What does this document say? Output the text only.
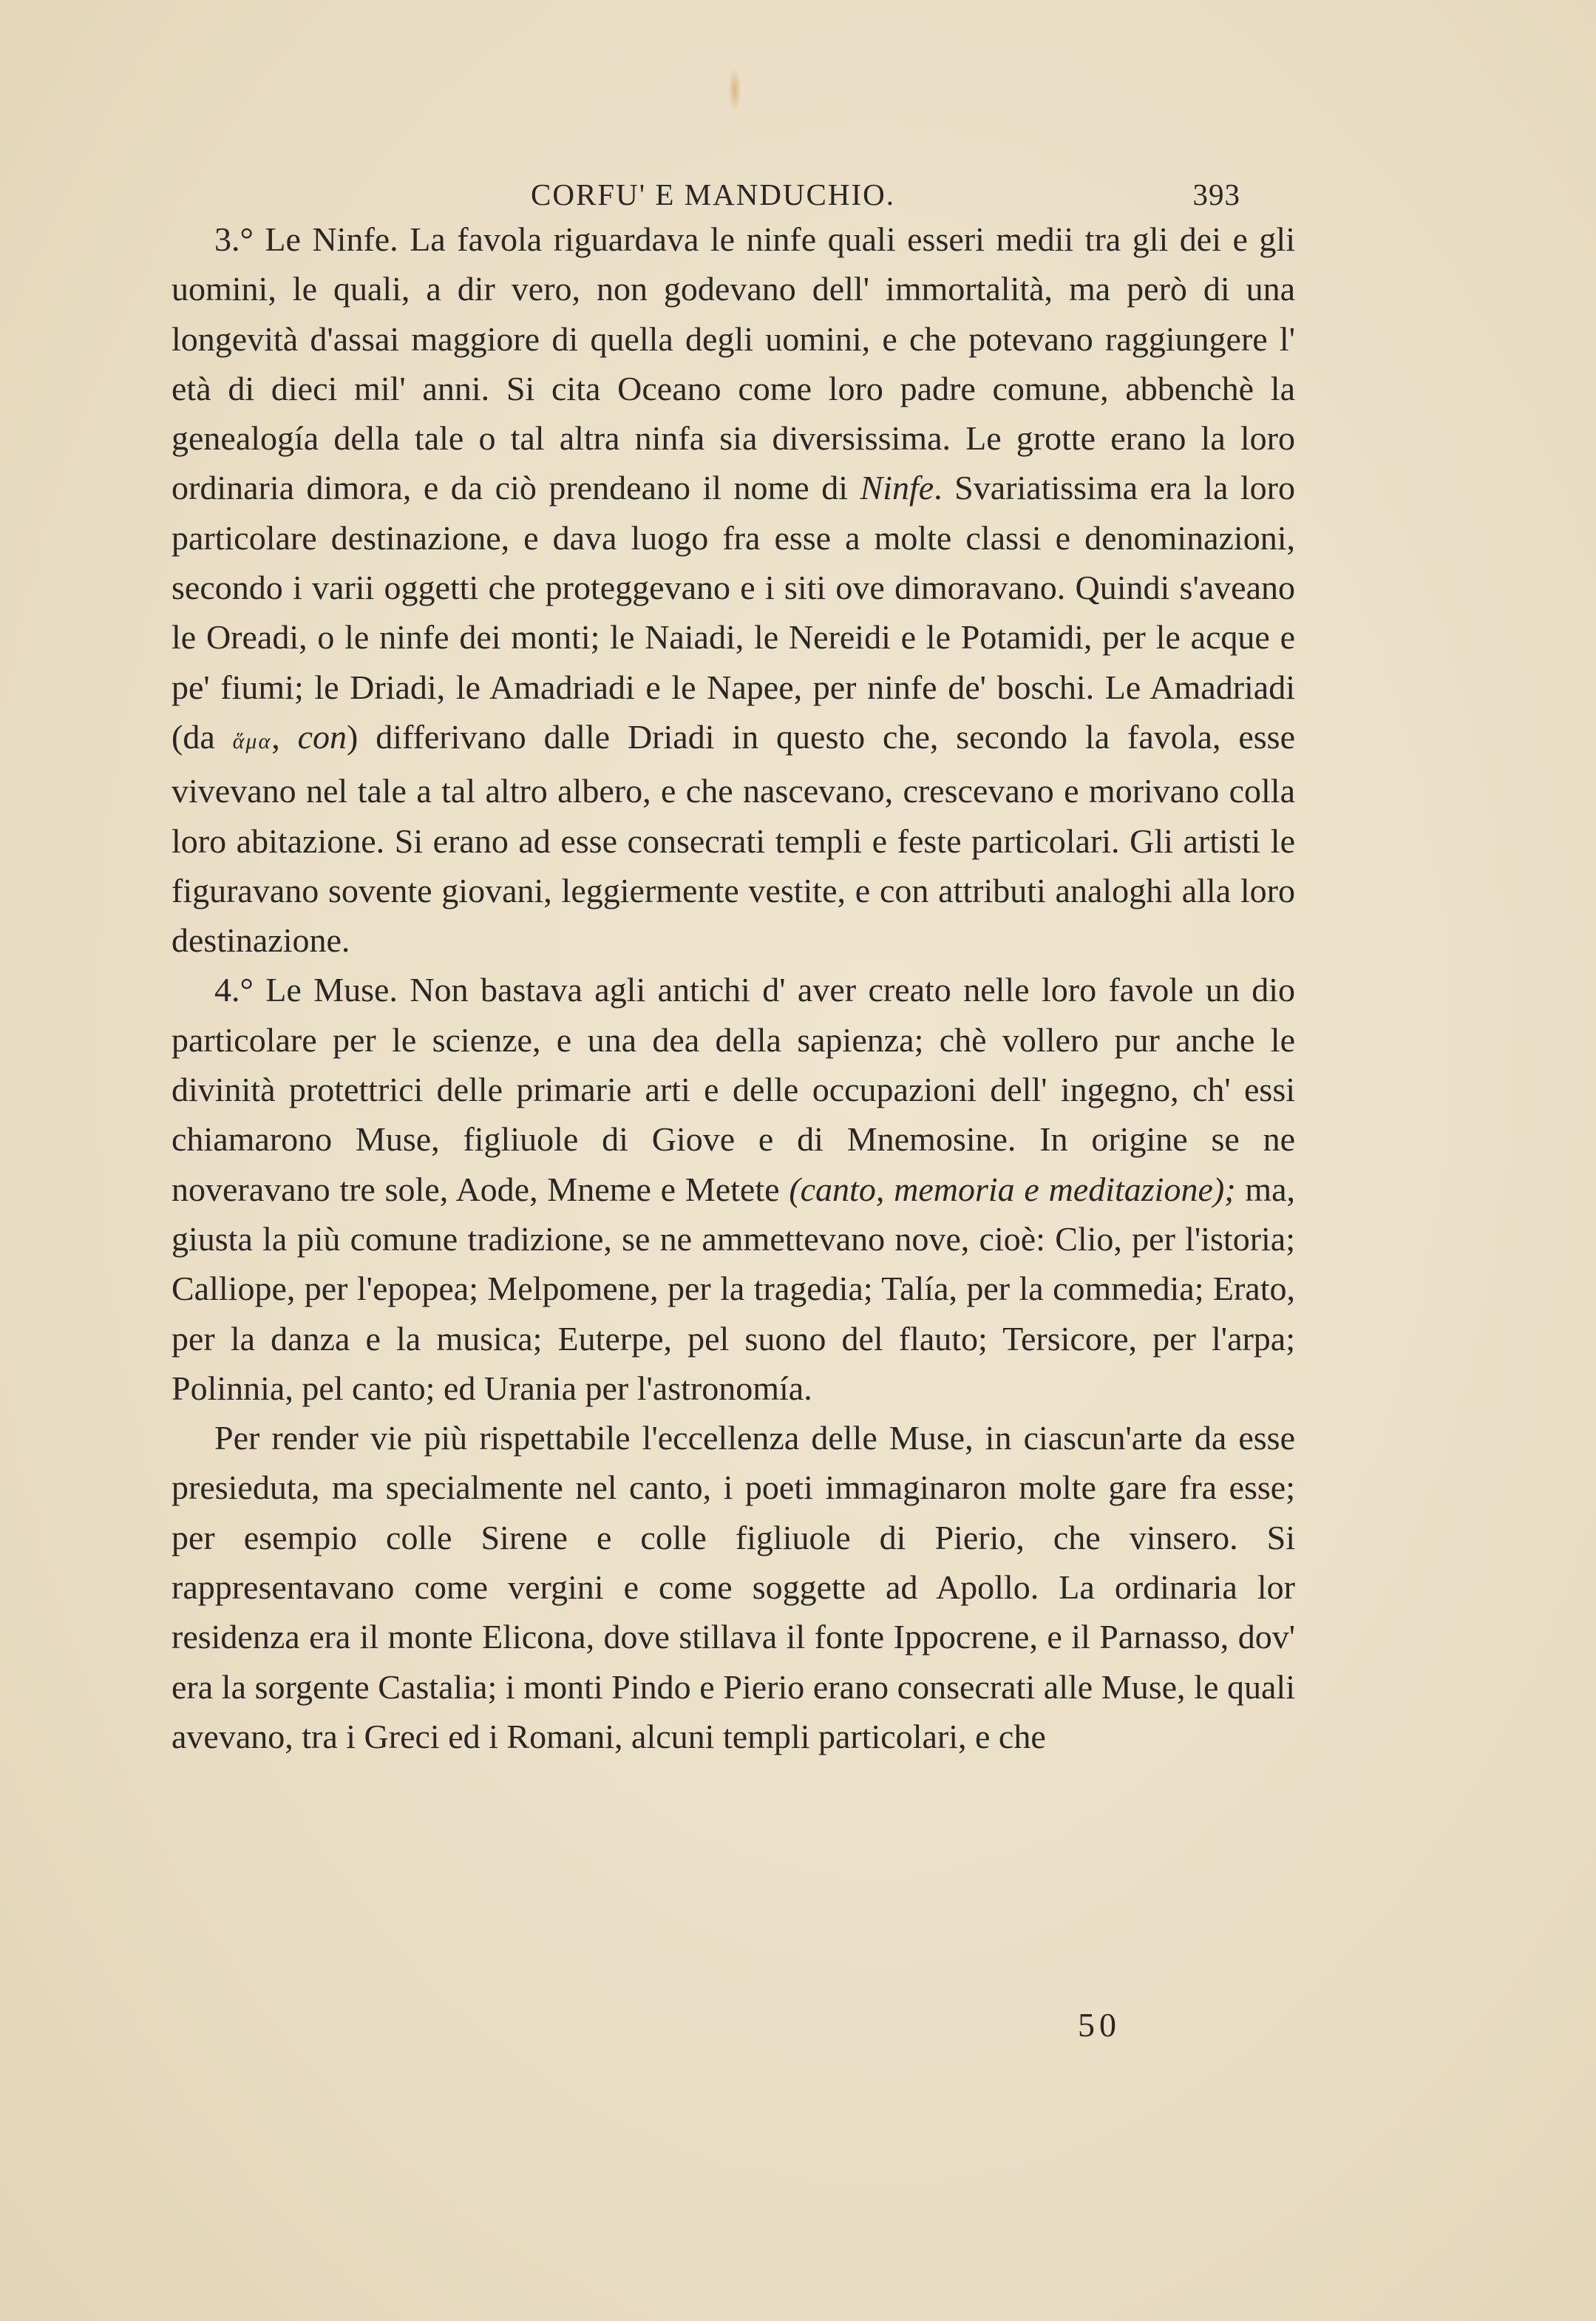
CORFU' E MANDUCHIO.	393

3.° Le Ninfe. La favola riguardava le ninfe quali esseri medii tra gli dei e gli uomini, le quali, a dir vero, non godevano dell' immortalità, ma però di una longevità d'assai maggiore di quella degli uomini, e che potevano raggiungere l' età di dieci mil' anni. Si cita Oceano come loro padre comune, abbenchè la genealogía della tale o tal altra ninfa sia diversissima. Le grotte erano la loro ordinaria dimora, e da ciò prendeano il nome di Ninfe. Svariatissima era la loro particolare destinazione, e dava luogo fra esse a molte classi e denominazioni, secondo i varii oggetti che proteggevano e i siti ove dimoravano. Quindi s'aveano le Oreadi, o le ninfe dei monti; le Naiadi, le Nereidi e le Potamidi, per le acque e pe' fiumi; le Driadi, le Amadriadi e le Napee, per ninfe de' boschi. Le Amadriadi (da ἅμα, con) differivano dalle Driadi in questo che, secondo la favola, esse vivevano nel tale a tal altro albero, e che nascevano, crescevano e morivano colla loro abitazione. Si erano ad esse consecrati templi e feste particolari. Gli artisti le figuravano sovente giovani, leggiermente vestite, e con attributi analoghi alla loro destinazione.

4.° Le Muse. Non bastava agli antichi d' aver creato nelle loro favole un dio particolare per le scienze, e una dea della sapienza; chè vollero pur anche le divinità protettrici delle primarie arti e delle occupazioni dell' ingegno, ch' essi chiamarono Muse, figliuole di Giove e di Mnemosine. In origine se ne noveravano tre sole, Aode, Mneme e Metete (canto, memoria e meditazione); ma, giusta la più comune tradizione, se ne ammettevano nove, cioè: Clio, per l'istoria; Calliope, per l'epopea; Melpomene, per la tragedia; Talía, per la commedia; Erato, per la danza e la musica; Euterpe, pel suono del flauto; Tersicore, per l'arpa; Polinnia, pel canto; ed Urania per l'astronomía.

Per render vie più rispettabile l'eccellenza delle Muse, in ciascun'arte da esse presieduta, ma specialmente nel canto, i poeti immaginaron molte gare fra esse; per esempio colle Sirene e colle figliuole di Pierio, che vinsero. Si rappresentavano come vergini e come soggette ad Apollo. La ordinaria lor residenza era il monte Elicona, dove stillava il fonte Ippocrene, e il Parnasso, dov' era la sorgente Castalia; i monti Pindo e Pierio erano consecrati alle Muse, le quali avevano, tra i Greci ed i Romani, alcuni templi particolari, e che

50
